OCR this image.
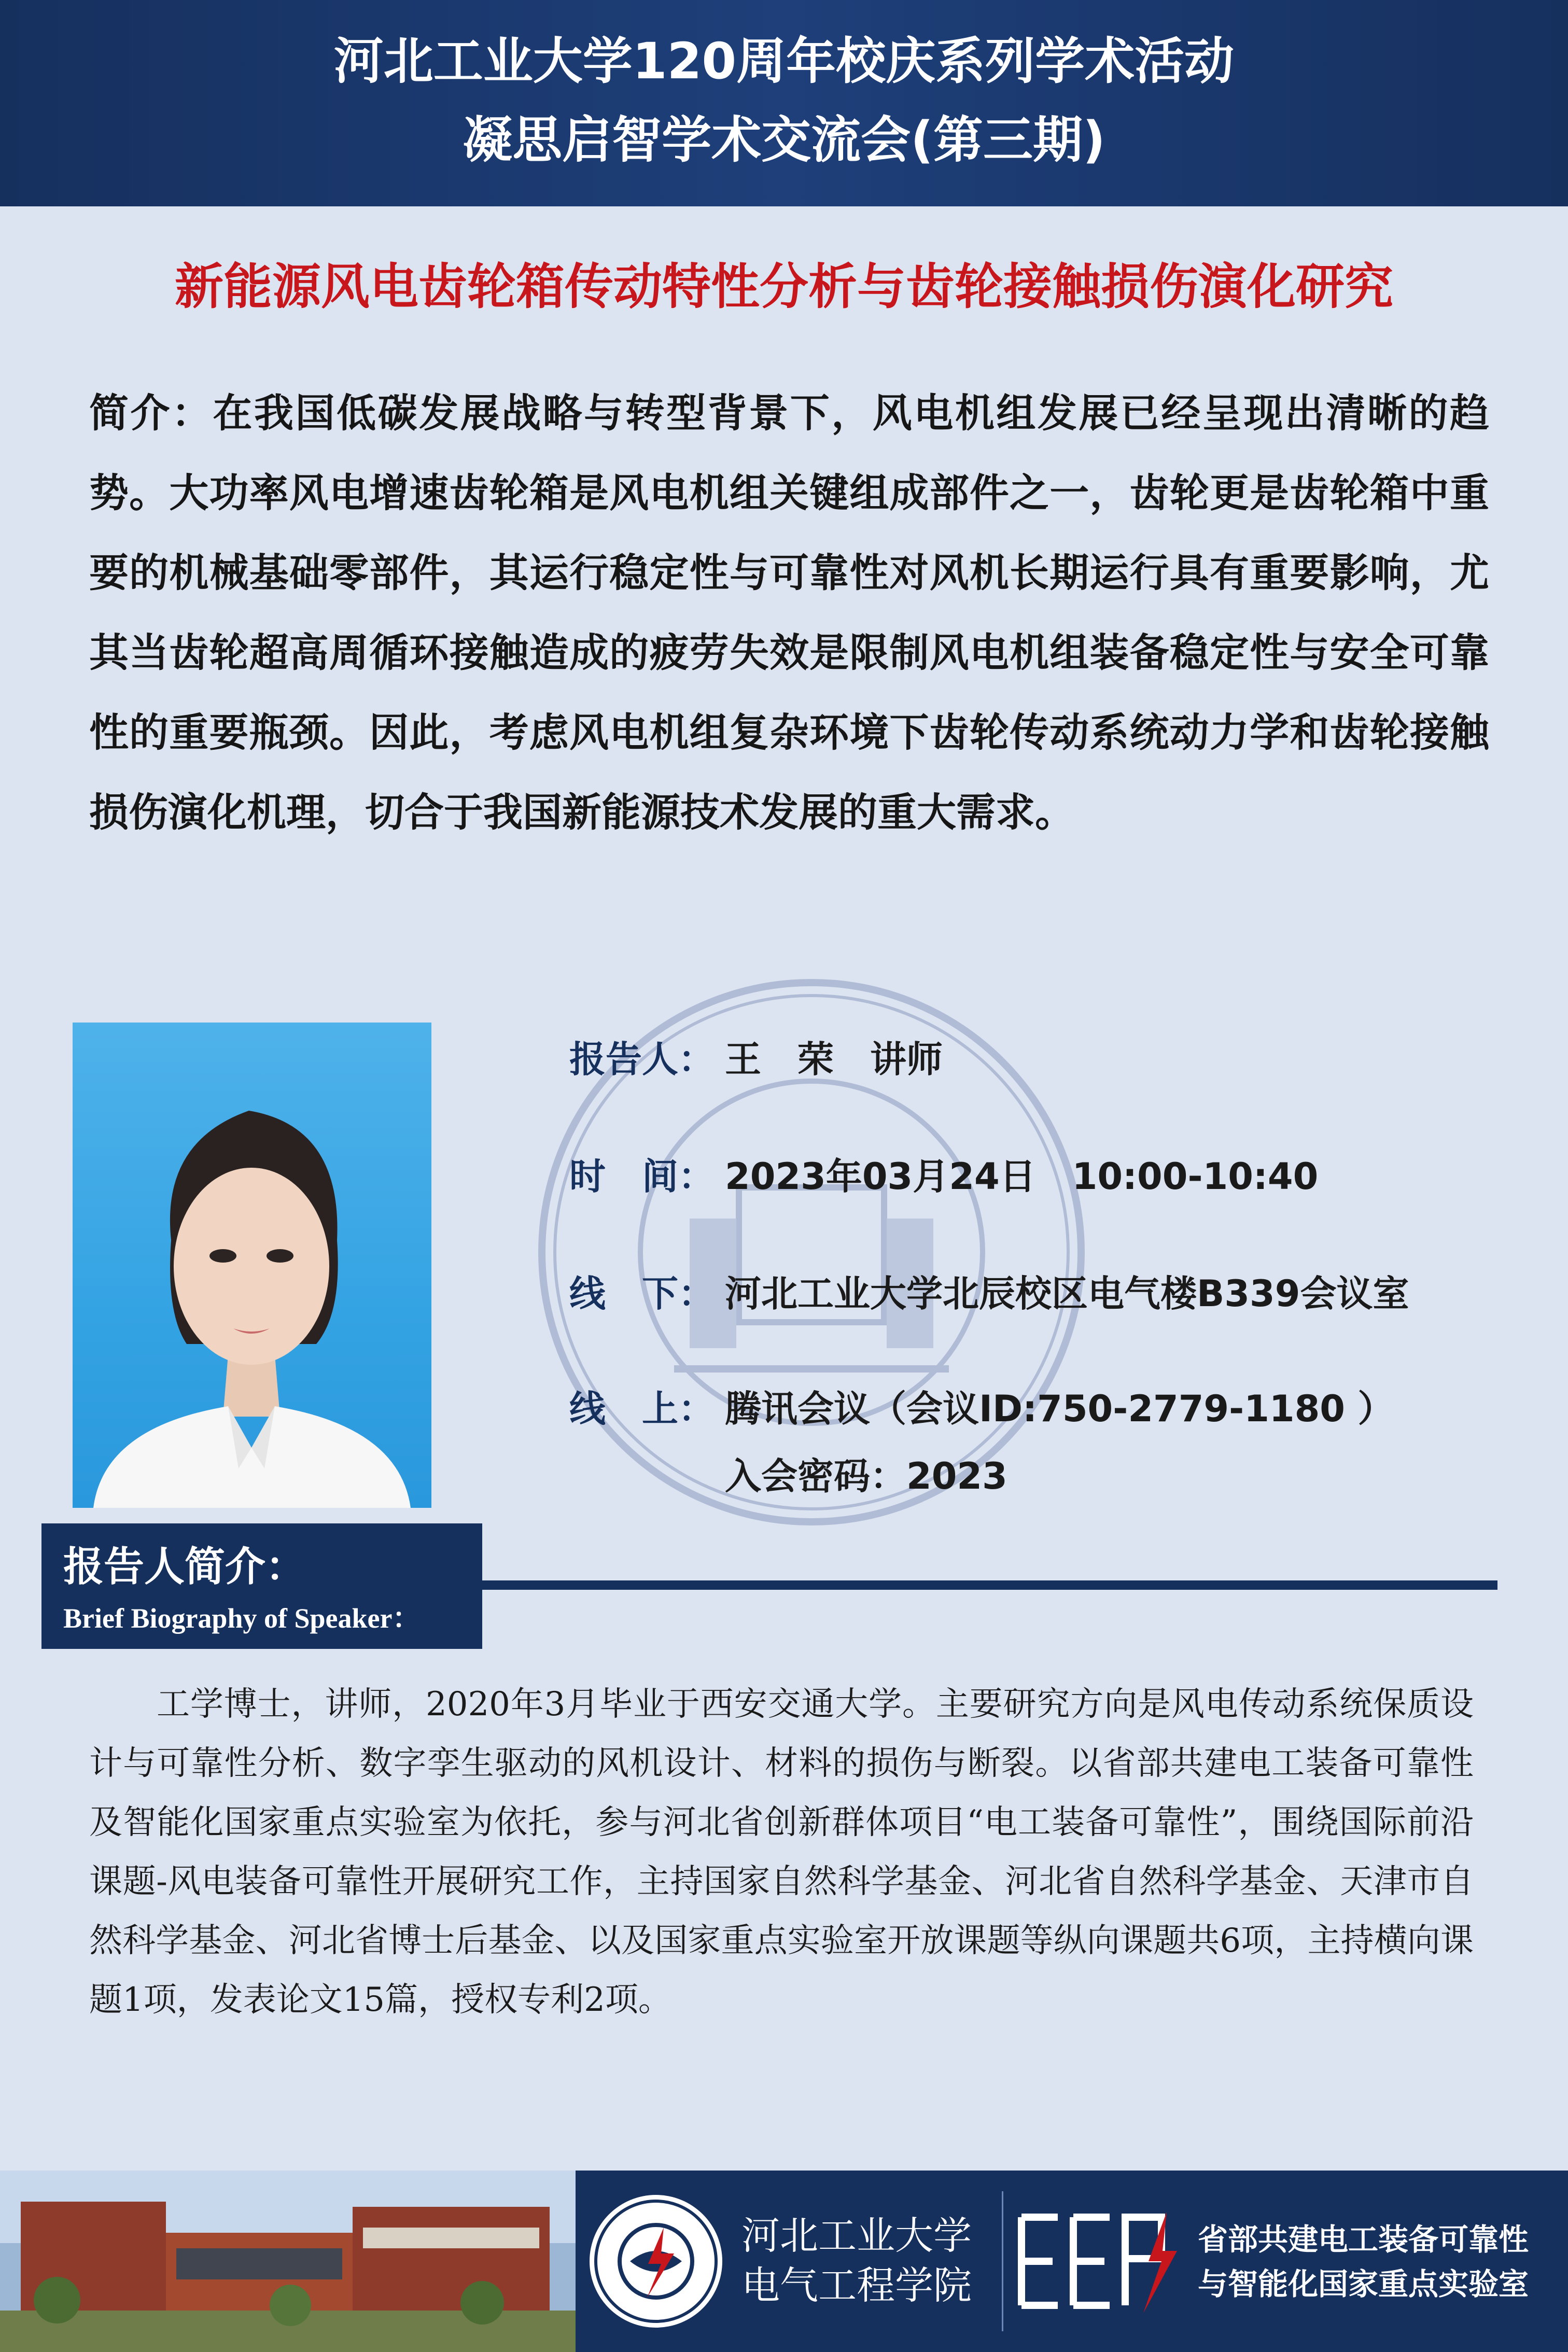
河北工业大学120周年校庆系列学术活动
凝思启智学术交流会(第三期)
新能源风电齿轮箱传动特性分析与齿轮接触损伤演化研究
简介：在我国低碳发展战略与转型背景下，风电机组发展已经呈现出清晰的趋势。大功率风电增速齿轮箱是风电机组关键组成部件之一，齿轮更是齿轮箱中重要的机械基础零部件，其运行稳定性与可靠性对风机长期运行具有重要影响，尤其当齿轮超高周循环接触造成的疲劳失效是限制风电机组装备稳定性与安全可靠性的重要瓶颈。因此，考虑风电机组复杂环境下齿轮传动系统动力学和齿轮接触损伤演化机理，切合于我国新能源技术发展的重大需求。
报告人： 王　荣　讲师
时　间： 2023年03月24日　10:00-10:40
线　下： 河北工业大学北辰校区电气楼B339会议室
线　上： 腾讯会议（会议ID:750-2779-1180 ）
入会密码：2023
报告人简介：
Brief Biography of Speaker：
工学博士，讲师，2020年3月毕业于西安交通大学。主要研究方向是风电传动系统保质设计与可靠性分析、数字孪生驱动的风机设计、材料的损伤与断裂。以省部共建电工装备可靠性及智能化国家重点实验室为依托，参与河北省创新群体项目“电工装备可靠性”，围绕国际前沿课题-风电装备可靠性开展研究工作，主持国家自然科学基金、河北省自然科学基金、天津市自然科学基金、河北省博士后基金、以及国家重点实验室开放课题等纵向课题共6项，主持横向课题1项，发表论文15篇，授权专利2项。
河北工业大学
电气工程学院
省部共建电工装备可靠性
与智能化国家重点实验室
